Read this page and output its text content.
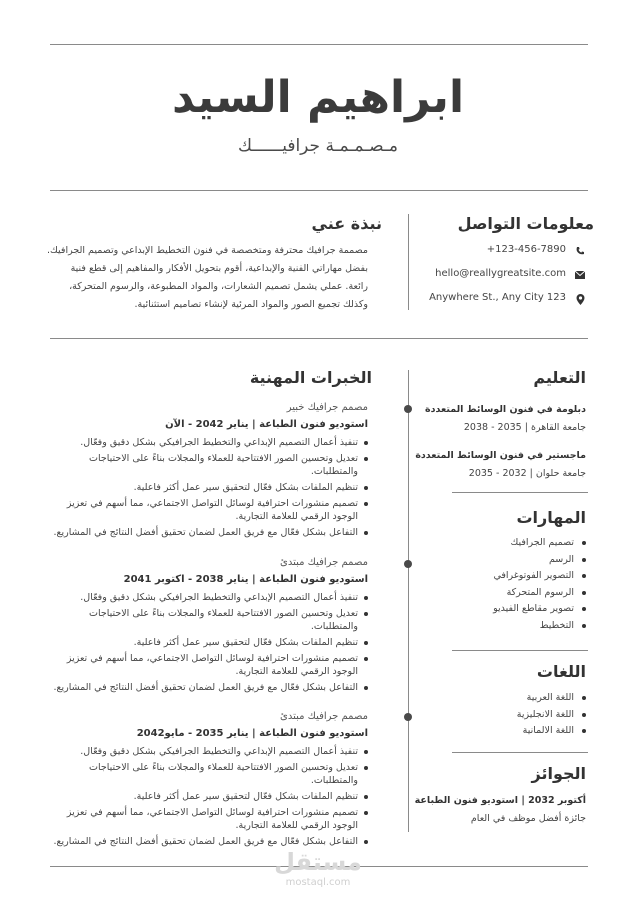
ابراهيم السيد
مـصـمـمـة جرافيــــــك
معلومات التواصل
+123-456-7890
hello@reallygreatsite.com
Anywhere St., Any City 123
نبذة عني
مصممة جرافيك محترفة ومتخصصة في فنون التخطيط الإبداعي وتصميم الجرافيك.
بفضل مهاراتي الفنية والإبداعية، أقوم بتحويل الأفكار والمفاهيم إلى قطع فنية
رائعة. عملي يشمل تصميم الشعارات، والمواد المطبوعة، والرسوم المتحركة،
وكذلك تجميع الصور والمواد المرئية لإنشاء تصاميم استثنائية.
التعليم
دبلومة في فنون الوسائط المتعددة
جامعة القاهرة | 2035 - 2038
ماجستير في فنون الوسائط المتعددة
جامعة حلوان | 2032 - 2035
المهارات
تصميم الجرافيك
الرسم
التصوير الفوتوغرافي
الرسوم المتحركة
تصوير مقاطع الفيديو
التخطيط
اللغات
اللغة العربية
اللغة الانجليزية
اللغة الالمانية
الجوائز
أكتوبر 2032 | استوديو فنون الطباعة
جائزة أفضل موظف في العام
الخبرات المهنية
مصمم جرافيك خبير
استوديو فنون الطباعة | يناير 2042 - الآن
تنفيذ أعمال التصميم الإبداعي والتخطيط الجرافيكي بشكل دقيق وفعّال.
تعديل وتحسين الصور الافتتاحية للعملاء والمجلات بناءً على الاحتياجات والمتطلبات.
تنظيم الملفات بشكل فعّال لتحقيق سير عمل أكثر فاعلية.
تصميم منشورات احترافية لوسائل التواصل الاجتماعي، مما أسهم في تعزيز الوجود الرقمي للعلامة التجارية.
التفاعل بشكل فعّال مع فريق العمل لضمان تحقيق أفضل النتائج في المشاريع.
مصمم جرافيك مبتدئ
استوديو فنون الطباعة | يناير 2038 - اكتوبر 2041
تنفيذ أعمال التصميم الإبداعي والتخطيط الجرافيكي بشكل دقيق وفعّال.
تعديل وتحسين الصور الافتتاحية للعملاء والمجلات بناءً على الاحتياجات والمتطلبات.
تنظيم الملفات بشكل فعّال لتحقيق سير عمل أكثر فاعلية.
تصميم منشورات احترافية لوسائل التواصل الاجتماعي، مما أسهم في تعزيز الوجود الرقمي للعلامة التجارية.
التفاعل بشكل فعّال مع فريق العمل لضمان تحقيق أفضل النتائج في المشاريع.
مصمم جرافيك مبتدئ
استوديو فنون الطباعة | يناير 2035 - مايو2042
تنفيذ أعمال التصميم الإبداعي والتخطيط الجرافيكي بشكل دقيق وفعّال.
تعديل وتحسين الصور الافتتاحية للعملاء والمجلات بناءً على الاحتياجات والمتطلبات.
تنظيم الملفات بشكل فعّال لتحقيق سير عمل أكثر فاعلية.
تصميم منشورات احترافية لوسائل التواصل الاجتماعي، مما أسهم في تعزيز الوجود الرقمي للعلامة التجارية.
التفاعل بشكل فعّال مع فريق العمل لضمان تحقيق أفضل النتائج في المشاريع.
مستقل
mostaql.com
